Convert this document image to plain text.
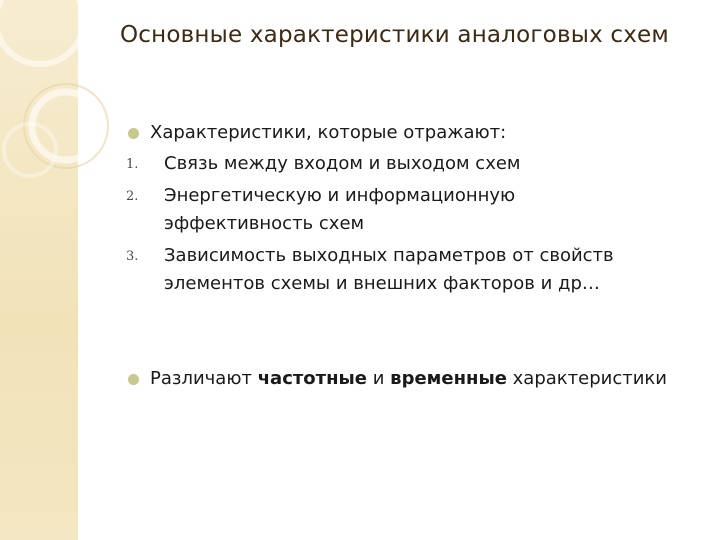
Основные характеристики аналоговых схем
Характеристики, которые отражают:
1. Связь между входом и выходом схем
2. Энергетическую и информационную
эффективность схем
3. Зависимость выходных параметров от свойств
элементов схемы и внешних факторов и др…
Различают частотные и временные характеристики
